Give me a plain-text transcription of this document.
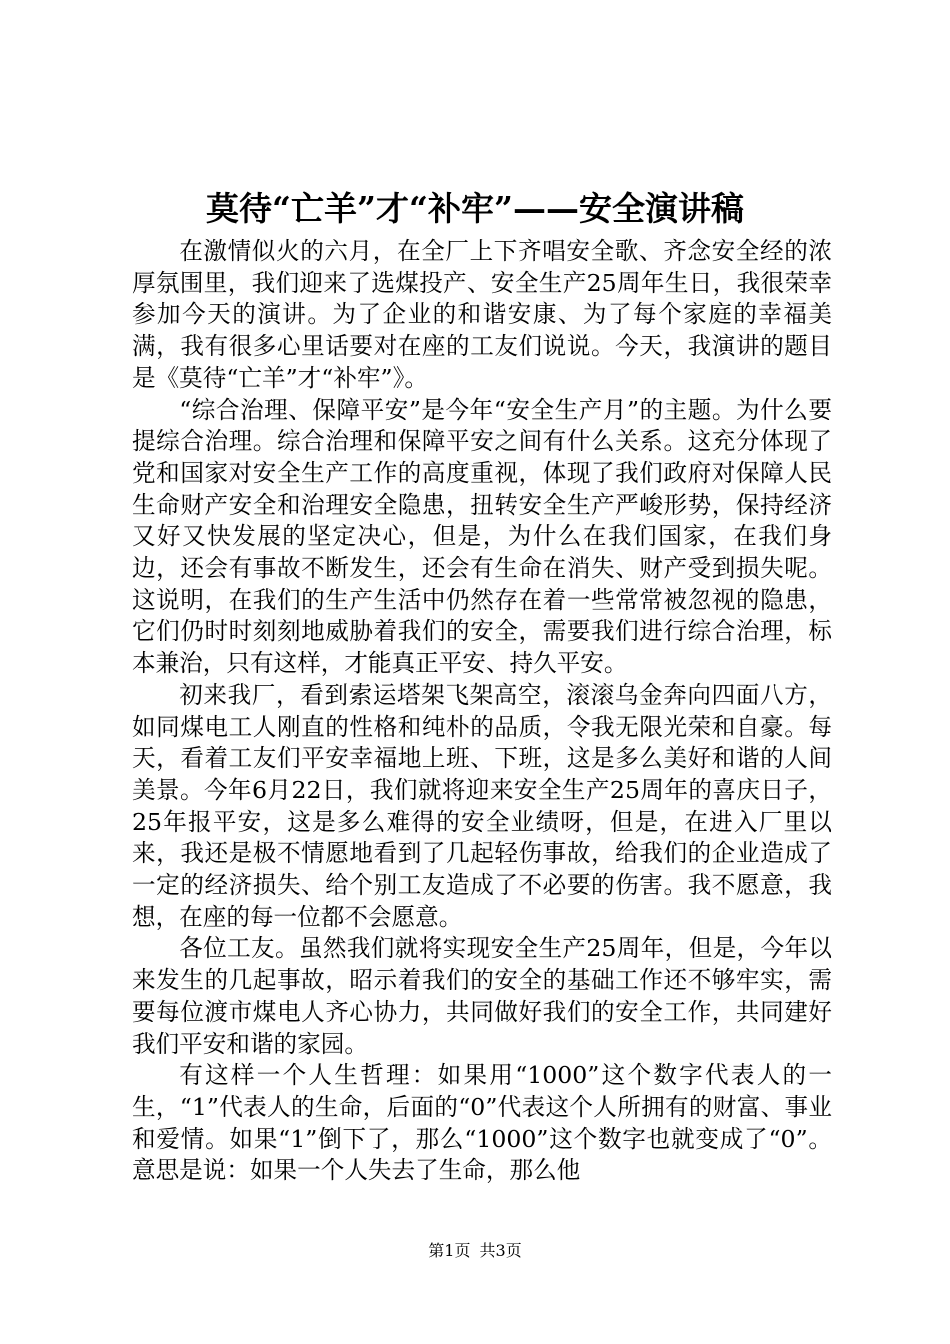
莫待“亡羊”才“补牢”——安全演讲稿

在激情似火的六月，在全厂上下齐唱安全歌、齐念安全经的浓厚氛围里，我们迎来了选煤投产、安全生产25周年生日，我很荣幸参加今天的演讲。为了企业的和谐安康、为了每个家庭的幸福美满，我有很多心里话要对在座的工友们说说。今天，我演讲的题目是《莫待“亡羊”才“补牢”》。

“综合治理、保障平安”是今年“安全生产月”的主题。为什么要提综合治理。综合治理和保障平安之间有什么关系。这充分体现了党和国家对安全生产工作的高度重视，体现了我们政府对保障人民生命财产安全和治理安全隐患，扭转安全生产严峻形势，保持经济又好又快发展的坚定决心，但是，为什么在我们国家，在我们身边，还会有事故不断发生，还会有生命在消失、财产受到损失呢。这说明，在我们的生产生活中仍然存在着一些常常被忽视的隐患，它们仍时时刻刻地威胁着我们的安全，需要我们进行综合治理，标本兼治，只有这样，才能真正平安、持久平安。

初来我厂，看到索运塔架飞架高空，滚滚乌金奔向四面八方，如同煤电工人刚直的性格和纯朴的品质，令我无限光荣和自豪。每天，看着工友们平安幸福地上班、下班，这是多么美好和谐的人间美景。今年6月22日，我们就将迎来安全生产25周年的喜庆日子，25年报平安，这是多么难得的安全业绩呀，但是，在进入厂里以来，我还是极不情愿地看到了几起轻伤事故，给我们的企业造成了一定的经济损失、给个别工友造成了不必要的伤害。我不愿意，我想，在座的每一位都不会愿意。

各位工友。虽然我们就将实现安全生产25周年，但是，今年以来发生的几起事故，昭示着我们的安全的基础工作还不够牢实，需要每位渡市煤电人齐心协力，共同做好我们的安全工作，共同建好我们平安和谐的家园。

有这样一个人生哲理：如果用“1000”这个数字代表人的一生，“1”代表人的生命，后面的“0”代表这个人所拥有的财富、事业和爱情。如果“1”倒下了，那么“1000”这个数字也就变成了“0”。意思是说：如果一个人失去了生命，那么他

第1页 共3页
